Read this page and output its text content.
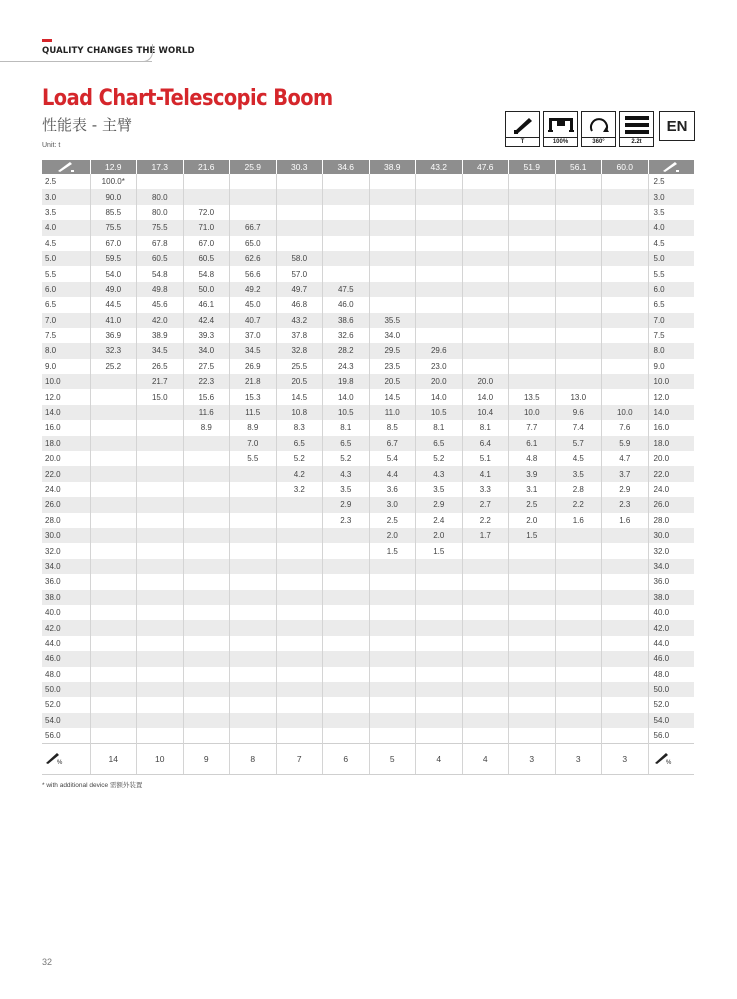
QUALITY CHANGES THE WORLD
Load Chart-Telescopic Boom
性能表 - 主臂
Unit: t	T	100%	360°	2.2t
EN
	12.9	17.3	21.6	25.9	30.3	34.6	38.9	43.2	47.6	51.9	56.1	60.0	
2.5	100.0*												2.5
3.0	90.0	80.0											3.0
3.5	85.5	80.0	72.0										3.5
4.0	75.5	75.5	71.0	66.7									4.0
4.5	67.0	67.8	67.0	65.0									4.5
5.0	59.5	60.5	60.5	62.6	58.0								5.0
5.5	54.0	54.8	54.8	56.6	57.0								5.5
6.0	49.0	49.8	50.0	49.2	49.7	47.5							6.0
6.5	44.5	45.6	46.1	45.0	46.8	46.0							6.5
7.0	41.0	42.0	42.4	40.7	43.2	38.6	35.5						7.0
7.5	36.9	38.9	39.3	37.0	37.8	32.6	34.0						7.5
8.0	32.3	34.5	34.0	34.5	32.8	28.2	29.5	29.6					8.0
9.0	25.2	26.5	27.5	26.9	25.5	24.3	23.5	23.0					9.0
10.0		21.7	22.3	21.8	20.5	19.8	20.5	20.0	20.0				10.0
12.0		15.0	15.6	15.3	14.5	14.0	14.5	14.0	14.0	13.5	13.0		12.0
14.0			11.6	11.5	10.8	10.5	11.0	10.5	10.4	10.0	9.6	10.0	14.0
16.0			8.9	8.9	8.3	8.1	8.5	8.1	8.1	7.7	7.4	7.6	16.0
18.0				7.0	6.5	6.5	6.7	6.5	6.4	6.1	5.7	5.9	18.0
20.0				5.5	5.2	5.2	5.4	5.2	5.1	4.8	4.5	4.7	20.0
22.0					4.2	4.3	4.4	4.3	4.1	3.9	3.5	3.7	22.0
24.0					3.2	3.5	3.6	3.5	3.3	3.1	2.8	2.9	24.0
26.0						2.9	3.0	2.9	2.7	2.5	2.2	2.3	26.0
28.0						2.3	2.5	2.4	2.2	2.0	1.6	1.6	28.0
30.0							2.0	2.0	1.7	1.5			30.0
32.0							1.5	1.5					32.0
34.0													34.0
36.0													36.0
38.0													38.0
40.0													40.0
42.0													42.0
44.0													44.0
46.0													46.0
48.0													48.0
50.0													50.0
52.0													52.0
54.0													54.0
56.0													56.0

%	14	10	9	8	7	6	5	4	4	3	3	3	%
* with additional device 需额外装置
32
